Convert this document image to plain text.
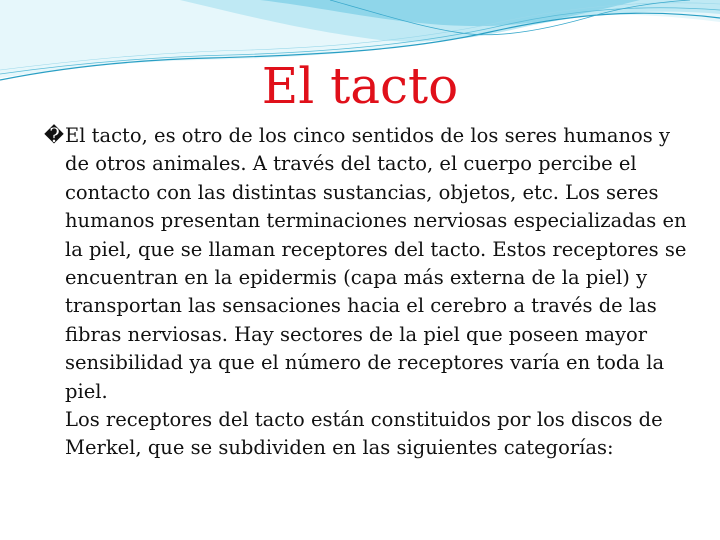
El tacto

�El tacto, es otro de los cinco sentidos de los seres humanos y de otros animales. A través del tacto, el cuerpo percibe el contacto con las distintas sustancias, objetos, etc. Los seres humanos presentan terminaciones nerviosas especializadas en la piel, que se llaman receptores del tacto. Estos receptores se encuentran en la epidermis (capa más externa de la piel) y transportan las sensaciones hacia el cerebro a través de las fibras nerviosas. Hay sectores de la piel que poseen mayor sensibilidad ya que el número de receptores varía en toda la piel.

Los receptores del tacto están constituidos por los discos de Merkel, que se subdividen en las siguientes categorías:
